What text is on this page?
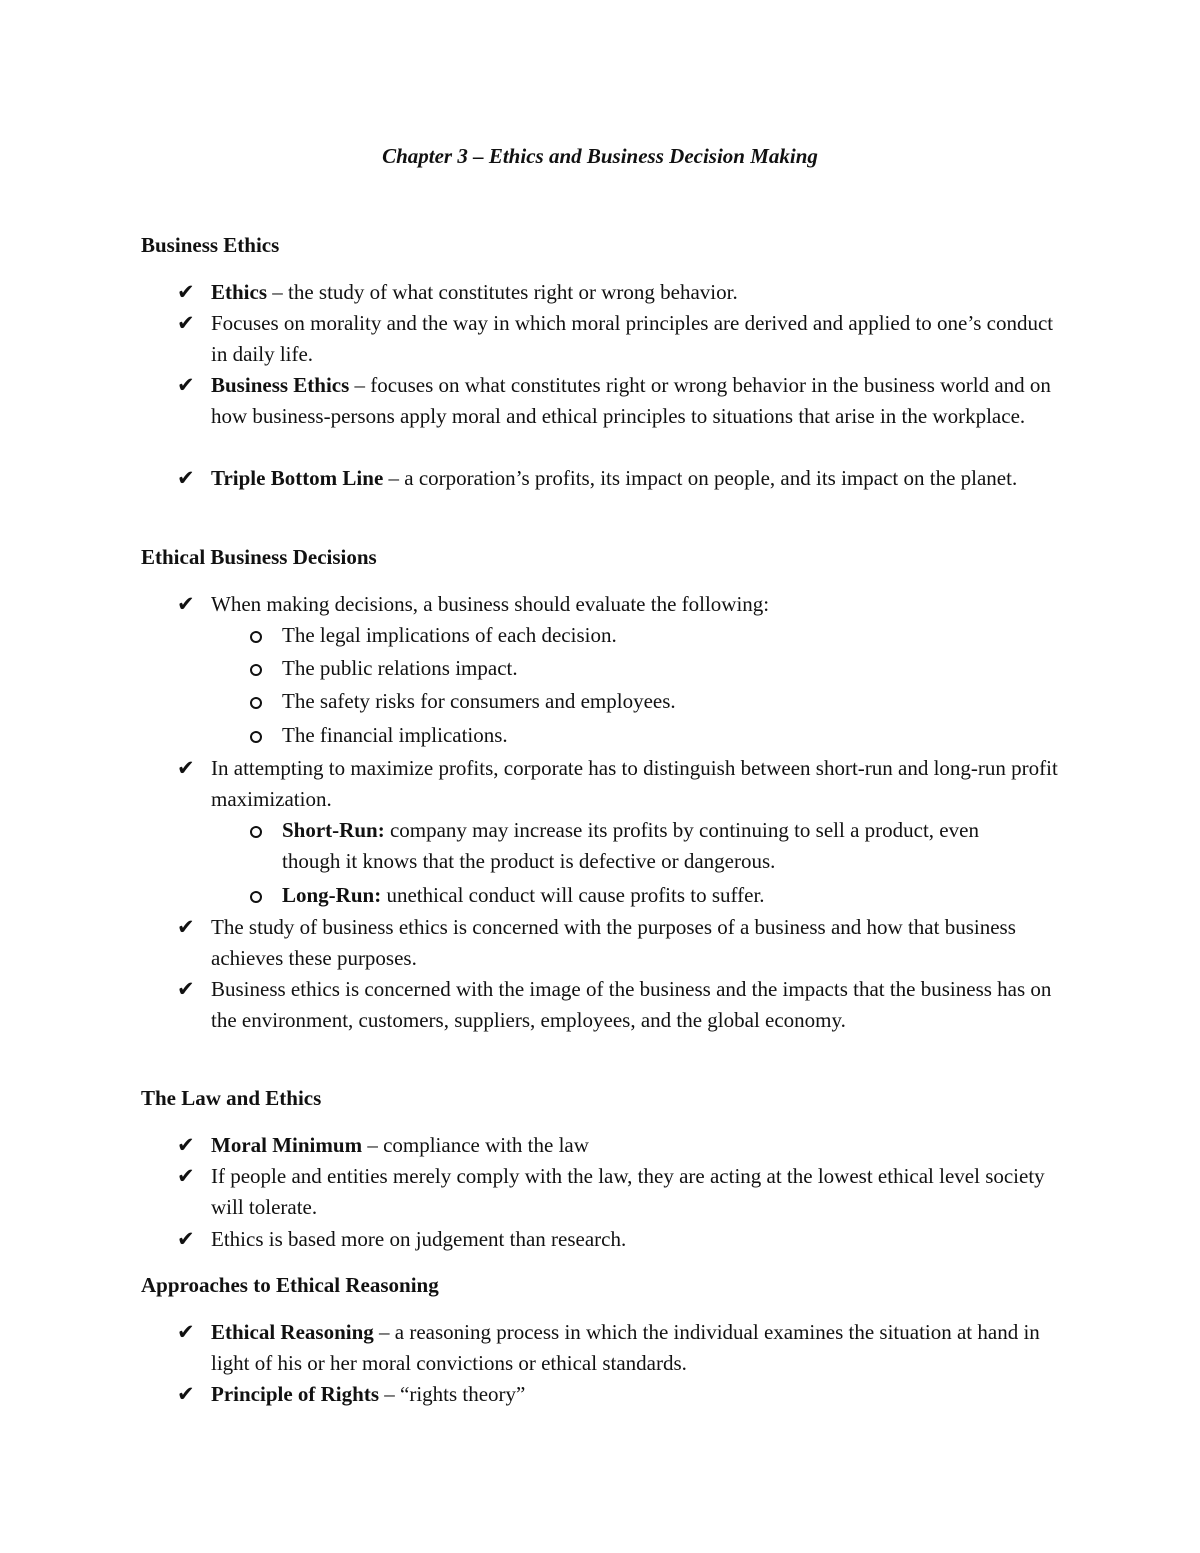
Chapter 3 – Ethics and Business Decision Making
Business Ethics
✔ Ethics – the study of what constitutes right or wrong behavior.
✔ Focuses on morality and the way in which moral principles are derived and applied to one’s conduct in daily life.
✔ Business Ethics – focuses on what constitutes right or wrong behavior in the business world and on how business-persons apply moral and ethical principles to situations that arise in the workplace.
✔ Triple Bottom Line – a corporation’s profits, its impact on people, and its impact on the planet.
Ethical Business Decisions
✔ When making decisions, a business should evaluate the following:
The legal implications of each decision.
The public relations impact.
The safety risks for consumers and employees.
The financial implications.
✔ In attempting to maximize profits, corporate has to distinguish between short-run and long-run profit maximization.
Short-Run: company may increase its profits by continuing to sell a product, even though it knows that the product is defective or dangerous.
Long-Run: unethical conduct will cause profits to suffer.
✔ The study of business ethics is concerned with the purposes of a business and how that business achieves these purposes.
✔ Business ethics is concerned with the image of the business and the impacts that the business has on the environment, customers, suppliers, employees, and the global economy.
The Law and Ethics
✔ Moral Minimum – compliance with the law
✔ If people and entities merely comply with the law, they are acting at the lowest ethical level society will tolerate.
✔ Ethics is based more on judgement than research.
Approaches to Ethical Reasoning
✔ Ethical Reasoning – a reasoning process in which the individual examines the situation at hand in light of his or her moral convictions or ethical standards.
✔ Principle of Rights – “rights theory”
